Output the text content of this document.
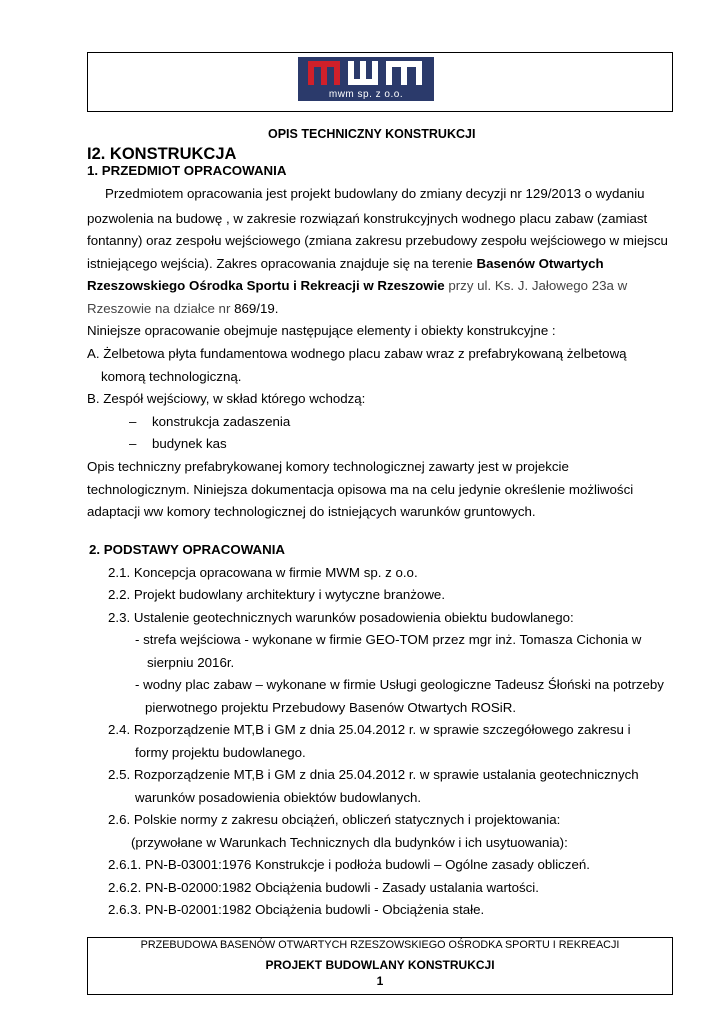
mwm sp. z o.o.
OPIS TECHNICZNY KONSTRUKCJI
I2. KONSTRUKCJA
1. PRZEDMIOT OPRACOWANIA
Przedmiotem opracowania jest projekt budowlany do zmiany decyzji nr 129/2013 o wydaniu
pozwolenia na budowę , w zakresie rozwiązań konstrukcyjnych wodnego placu zabaw (zamiast
fontanny) oraz zespołu wejściowego (zmiana zakresu przebudowy zespołu wejściowego w miejscu
istniejącego wejścia). Zakres opracowania znajduje się na terenie Basenów Otwartych
Rzeszowskiego Ośrodka Sportu i Rekreacji w Rzeszowie przy ul. Ks. J. Jałowego 23a w
Rzeszowie na działce nr 869/19.
Niniejsze opracowanie obejmuje następujące elementy i obiekty konstrukcyjne :
A. Żelbetowa płyta fundamentowa wodnego placu zabaw wraz z prefabrykowaną żelbetową
komorą technologiczną.
B. Zespół wejściowy, w skład którego wchodzą:
– konstrukcja zadaszenia
– budynek kas
Opis techniczny prefabrykowanej komory technologicznej zawarty jest w projekcie
technologicznym. Niniejsza dokumentacja opisowa ma na celu jedynie określenie możliwości
adaptacji ww komory technologicznej do istniejących warunków gruntowych.
2. PODSTAWY OPRACOWANIA
2.1. Koncepcja opracowana w firmie MWM sp. z o.o.
2.2. Projekt budowlany architektury i wytyczne branżowe.
2.3. Ustalenie geotechnicznych warunków posadowienia obiektu budowlanego:
- strefa wejściowa - wykonane w firmie GEO-TOM przez mgr inż. Tomasza Cichonia w
sierpniu 2016r.
- wodny plac zabaw – wykonane w firmie Usługi geologiczne Tadeusz Śłoński na potrzeby
pierwotnego projektu Przebudowy Basenów Otwartych ROSiR.
2.4. Rozporządzenie MT,B i GM z dnia 25.04.2012 r. w sprawie szczegółowego zakresu i
formy projektu budowlanego.
2.5. Rozporządzenie MT,B i GM z dnia 25.04.2012 r. w sprawie ustalania geotechnicznych
warunków posadowienia obiektów budowlanych.
2.6. Polskie normy z zakresu obciążeń, obliczeń statycznych i projektowania:
(przywołane w Warunkach Technicznych dla budynków i ich usytuowania):
2.6.1. PN-B-03001:1976 Konstrukcje i podłoża budowli – Ogólne zasady obliczeń.
2.6.2. PN-B-02000:1982 Obciążenia budowli - Zasady ustalania wartości.
2.6.3. PN-B-02001:1982 Obciążenia budowli - Obciążenia stałe.
PRZEBUDOWA BASENÓW OTWARTYCH RZESZOWSKIEGO OŚRODKA SPORTU I REKREACJI
PROJEKT BUDOWLANY KONSTRUKCJI
1
